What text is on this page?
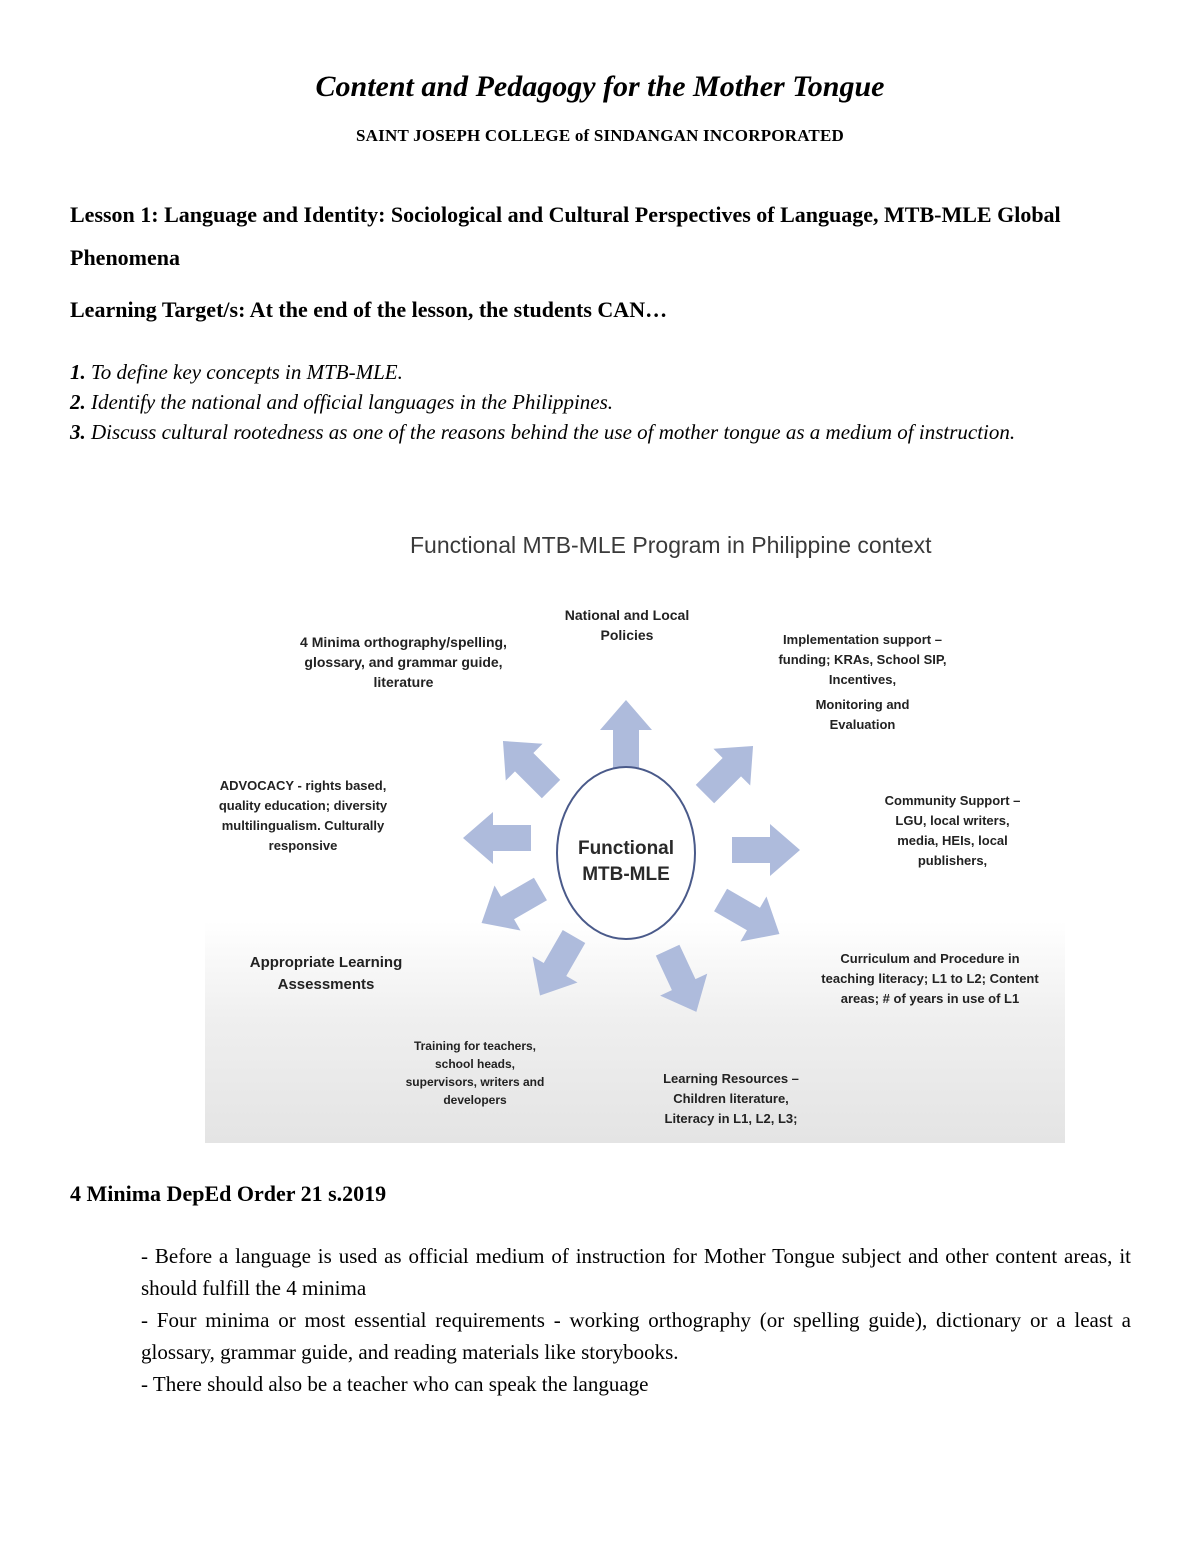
Content and Pedagogy for the Mother Tongue
SAINT JOSEPH COLLEGE of SINDANGAN INCORPORATED
Lesson 1: Language and Identity: Sociological and Cultural Perspectives of Language, MTB-MLE Global Phenomena
Learning Target/s: At the end of the lesson, the students CAN…
1. To define key concepts in MTB-MLE.
2. Identify the national and official languages in the Philippines.
3. Discuss cultural rootedness as one of the reasons behind the use of mother tongue as a medium of instruction.
Functional MTB-MLE Program in Philippine context
Functional
MTB-MLE
National and Local Policies	Implementation support –funding; KRAs, School SIP, Incentives,
Monitoring and Evaluation
4 Minima orthography/spelling, glossary, and grammar guide, literature
ADVOCACY - rights based, quality education; diversity multilingualism. Culturally responsive
Community Support – LGU, local writers, media, HEIs, local publishers,
Appropriate Learning Assessments
Curriculum and Procedure in teaching literacy; L1 to L2; Content areas; # of years in use of L1
Training for teachers, school heads, supervisors, writers and developers
Learning Resources – Children literature, Literacy in L1, L2, L3;
4 Minima DepEd Order 21 s.2019
- Before a language is used as official medium of instruction for Mother Tongue subject and other content areas, it should fulfill the 4 minima
- Four minima or most essential requirements - working orthography (or spelling guide), dictionary or a least a glossary, grammar guide, and reading materials like storybooks.
- There should also be a teacher who can speak the language
